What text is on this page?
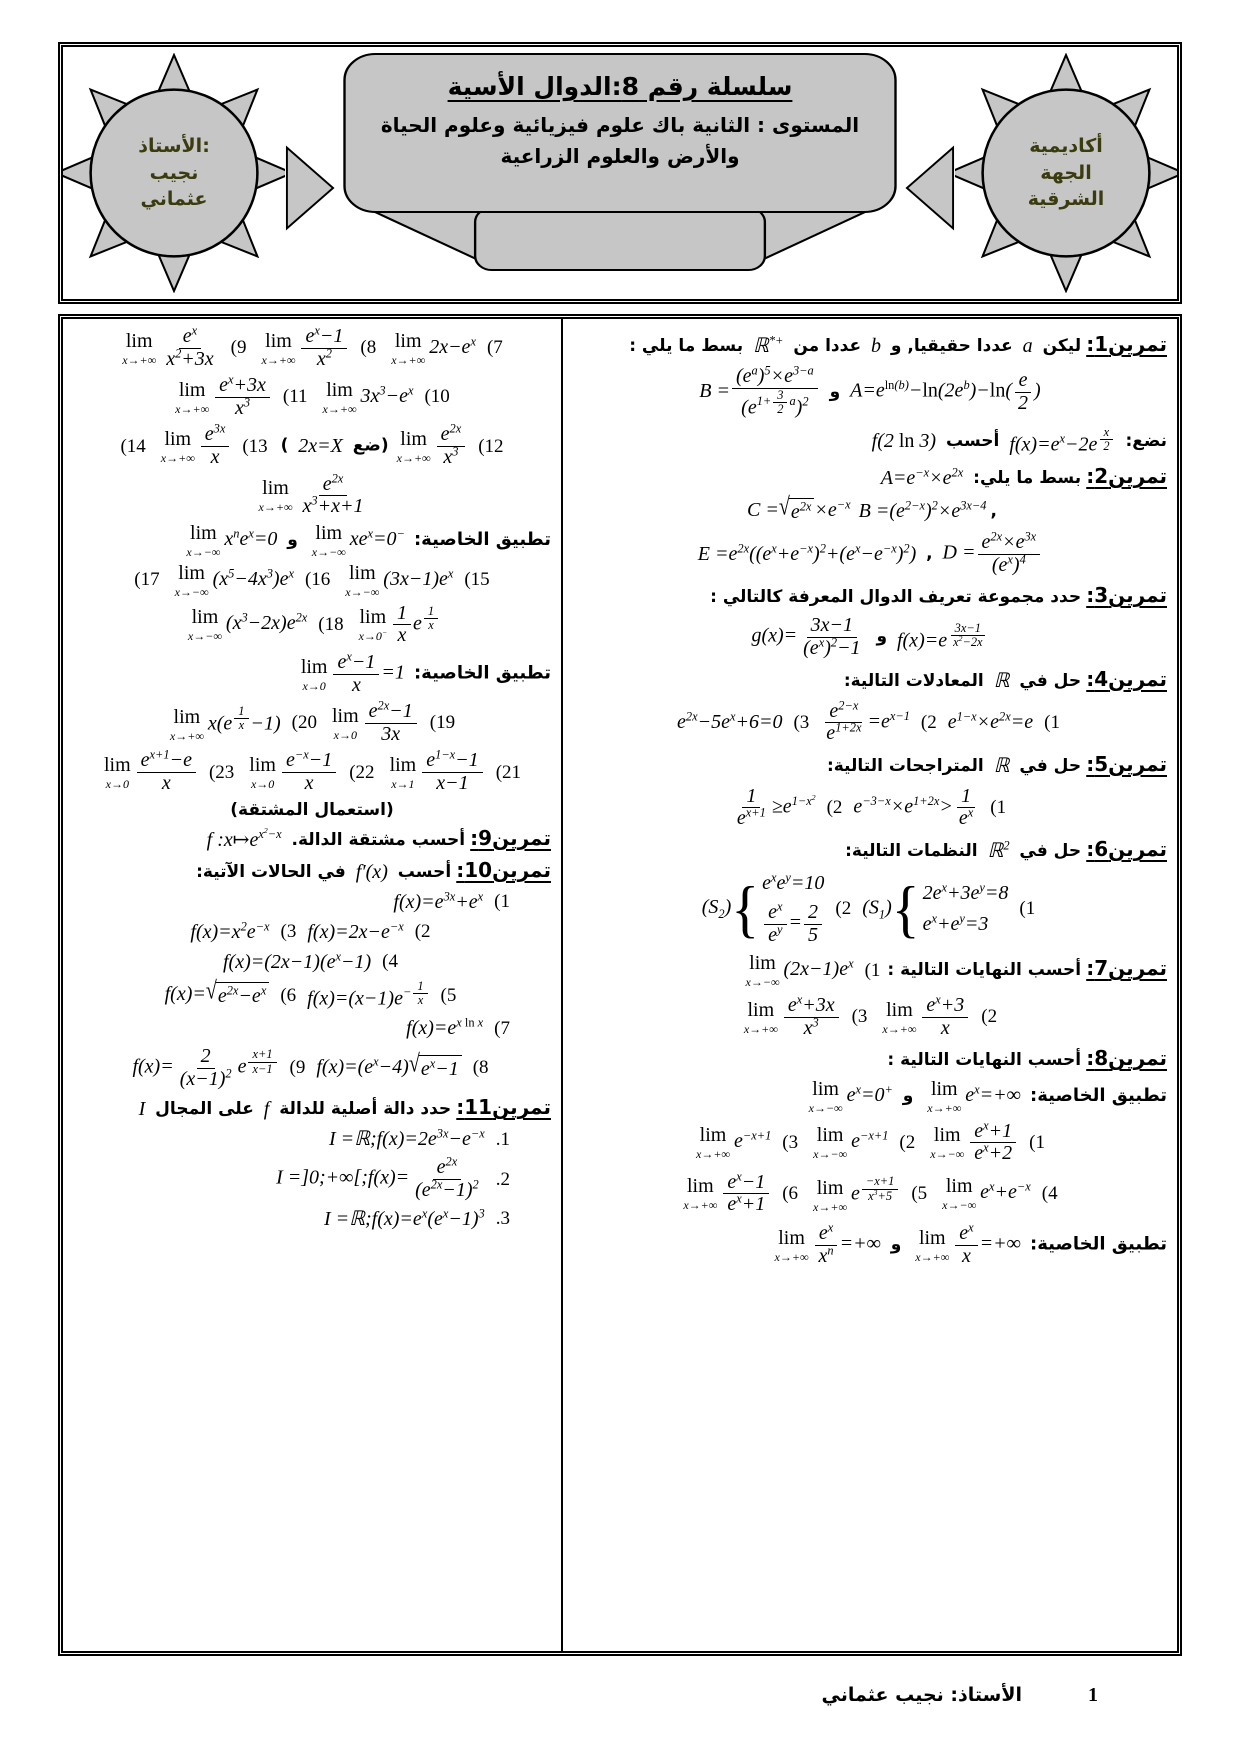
الأستاذ:
نجيب
عثماني
سلسلة رقم 8:الدوال الأسية
المستوى : الثانية باك علوم فيزيائية وعلوم الحياة
والأرض والعلوم الزراعية	أكاديمية
الجهة
الشرقية
تمرين1: ليكن a عددا حقيقيا, و b عددا من ℝ*+ بسط ما يلي :
$A=e^{ln(b)}-\ln(2e^b)-\ln( \frac{e}{2}$ ) و $B = (e^a)^5\times e^{3-a}$
$(e^{1+ \frac{3}{2} a})^2$
نضع: $f(x)=e^x-2e$ $^{\frac{x}{2}}$
أحسب f(2 ln 3)
تمرين2: بسط ما يلي: $A=e^{-x}\times e^{2x}$
$,B =(e^{2-x})^2\times e^{3x-4}C$ = √ $e^{2x} \times e^{-x}$
$D = \frac{e^{2x}\times e^{3x}}{(e^x)^4}$
, $E =e^{2x}((e^x+e^{-x})^2+(e^x-e^{-x})^2)$
تمرين3: حدد مجموعة تعريف الدوال المعرفة كالتالي :
f(x)=e $^{\frac{3x-1}{x^2-2x}}$
و $g(x)= \frac{3x-1}{(e^x)^2-1}$
تمرين4: حل في ℝ المعادلات التالية:
($1e^{1-x}\times e^{2x}=e(2$
$\frac{e^{2-x}}{e^{1+2x}} =e^{x-1}(3e^{2x}-5e^x+6=0$
تمرين5: حل في ℝ المتراجحات التالية:
($1e^{-3-x}\times e^{1+2x}> \frac{1}{e^x}$
(2
$\frac{1}{e^{x+1}} \ge e^{1-x^2}$
تمرين6: حل في ℝ$^2$ النظمات التالية:
($1(S_1)$ { $2e^x+3e^y=8$
$e^x+e^y=3$
($2(S_2)$ { $e^xe^y=10$
$\frac{e^x}{e^y} = \frac{2}{5}$
تمرين7: أحسب النهايات التالية :(1
lim
x→−∞
$(2x-1)e^x$
(2
lim
$x\to+\infty \frac{e^x+3}{x}$
(3
lim
$x\to+\infty \frac{e^x+3x}{x^3}$
تمرين8: أحسب النهايات التالية :
تطبيق الخاصية:
lim
x→+∞
$e^x=+\infty$ و
lim
x→−∞
$e^x=0^+$
(1
lim
$x\to-\infty \frac{e^x+1}{e^x+2}$
(2
lim
x→−∞
$e^{-x+1}(3$
lim
x→+∞
$e^{-x+1}$
(4
lim
x→−∞
$e^x+e^{-x}(5$
lim
x→+∞
e $^{\frac{-x+1}{x^3+5}}$
(6
lim
$x\to+\infty \frac{e^x-1}{e^x+1}$
تطبيق الخاصية:
lim
$x\to+\infty \frac{e^x}{x}$ =+∞ و
lim
$x\to+\infty \frac{e^x}{x^n}$ =+∞
(7
lim
x→+∞
$2x-e^x(8$
lim
$x\to+\infty \frac{e^x-1}{x^2}$
(9
lim
$x\to+\infty \frac{e^x}{x^2+3x}$
(10
lim
x→+∞
$3x^3-e^x(11$
lim
$x\to+\infty \frac{e^x+3x}{x^3}$
(12
lim
$x\to+\infty \frac{e^{2x}}{x^3}$
(ضع 2x=X ) (13
lim
$x\to+\infty \frac{e^{3x}}{x}$
(14
lim
$x\to+\infty \frac{e^{2x}}{x^3+x+1}$
تطبيق الخاصية:
lim
x→−∞
$xe^x=0^-$ و
lim
x→−∞
$x^ne^x=0$
(15
lim
x→−∞
$(3x-1)e^x(16$
lim
x→−∞
$(x^5-4x^3)e^x(17$
lim
$x\to 0^- \frac{1}{x}$ e $^{\frac{1}{x}}$
(18
lim
x→−∞
$(x^3-2x)e^{2x}$
تطبيق الخاصية:
lim
$x\to 0 \frac{e^x-1}{x} =1$
(19
lim
$x\to 0 \frac{e^{2x}-1}{3x}$
(20
lim
x→+∞
x(e $^{\frac{1}{x}}$ −1)
(21
lim
$x\to 1 \frac{e^{1-x}-1}{x-1}$
(22
lim
$x\to 0 \frac{e^{-x}-1}{x}$
(23
lim
$x\to 0 \frac{e^{x+1}-e}{x}$
(استعمال المشتقة)
تمرين9: أحسب مشتقة الدالة. f $:x↦e^{x^2-x}$
تمرين10: أحسب f′(x) في الحالات الآتية:
($1f(x)=e^{3x}+e^x$
($2f(x)=2x-e^{-x}(3f(x)=x^2e^{-x}$
($4f(x)=(2x-1)(e^x-1)$
($5f(x)=(x-1)e^{- \frac{1}{x}}$
(6f(x)= √ $e^{2x}-e^x$
($7f(x)=e^{x ln x}$
($8f(x)=(e^x-4)$ √ $e^x-1$
($9f(x)= \frac{2}{(x-1)^2}$ e $^{\frac{x+1}{x-1}}$
تمرين11: حدد دالة أصلية للدالة f على المجال I
$.1I =ℝ;f(x)=2e^{3x}-e^{-x}$
.2I =]0;+∞[;f(x)= $\frac{e^{2x}}{(e^{2x}-1)^2}$
$.3I =ℝ;f(x)=e^x(e^x-1)^3$
الأستاذ: نجيب عثماني	1
